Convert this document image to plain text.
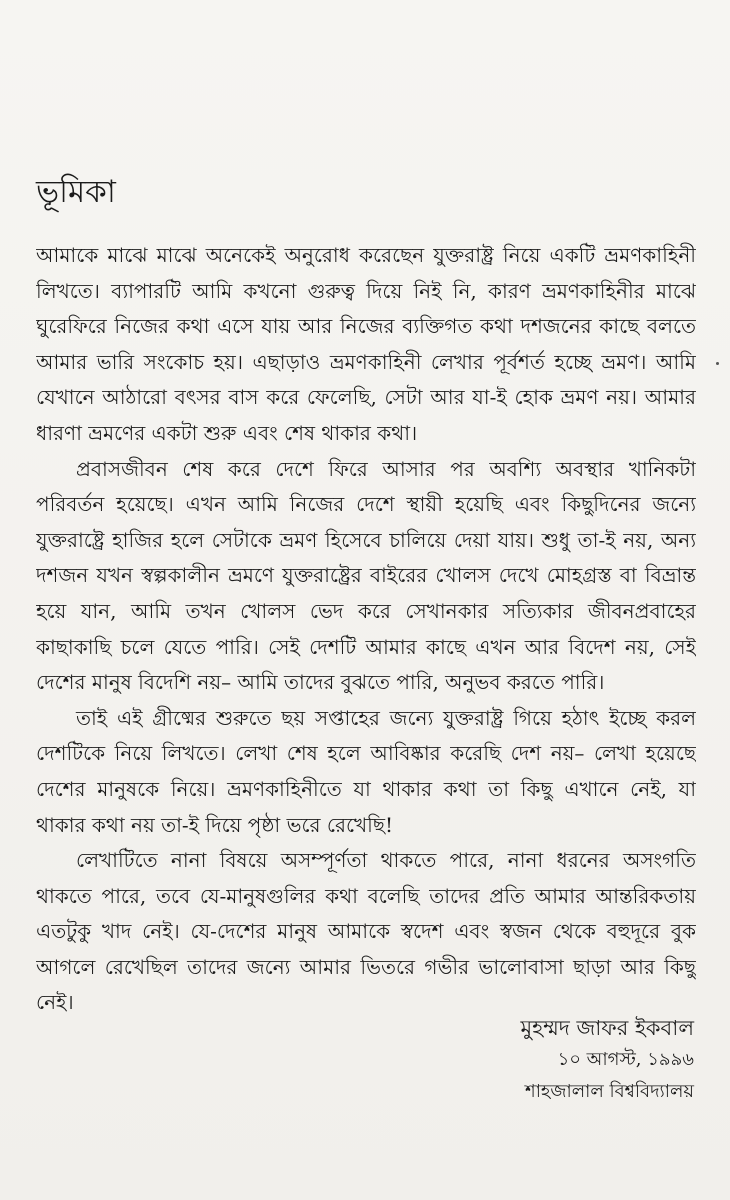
ভূমিকা
আমাকে মাঝে মাঝে অনেকেই অনুরোধ করেছেন যুক্তরাষ্ট্র নিয়ে একটি ভ্রমণকাহিনী
লিখতে। ব্যাপারটি আমি কখনো গুরুত্ব দিয়ে নিই নি, কারণ ভ্রমণকাহিনীর মাঝে
ঘুরেফিরে নিজের কথা এসে যায় আর নিজের ব্যক্তিগত কথা দশজনের কাছে বলতে
আমার ভারি সংকোচ হয়। এছাড়াও ভ্রমণকাহিনী লেখার পূর্বশর্ত হচ্ছে ভ্রমণ। আমি
যেখানে আঠারো বৎসর বাস করে ফেলেছি, সেটা আর যা-ই হোক ভ্রমণ নয়। আমার
ধারণা ভ্রমণের একটা শুরু এবং শেষ থাকার কথা।
প্রবাসজীবন শেষ করে দেশে ফিরে আসার পর অবশ্যি অবস্থার খানিকটা
পরিবর্তন হয়েছে। এখন আমি নিজের দেশে স্থায়ী হয়েছি এবং কিছুদিনের জন্যে
যুক্তরাষ্ট্রে হাজির হলে সেটাকে ভ্রমণ হিসেবে চালিয়ে দেয়া যায়। শুধু তা-ই নয়, অন্য
দশজন যখন স্বল্পকালীন ভ্রমণে যুক্তরাষ্ট্রের বাইরের খোলস দেখে মোহগ্রস্ত বা বিভ্রান্ত
হয়ে যান, আমি তখন খোলস ভেদ করে সেখানকার সত্যিকার জীবনপ্রবাহের
কাছাকাছি চলে যেতে পারি। সেই দেশটি আমার কাছে এখন আর বিদেশ নয়, সেই
দেশের মানুষ বিদেশি নয়– আমি তাদের বুঝতে পারি, অনুভব করতে পারি।
তাই এই গ্রীষ্মের শুরুতে ছয় সপ্তাহের জন্যে যুক্তরাষ্ট্র গিয়ে হঠাৎ ইচ্ছে করল
দেশটিকে নিয়ে লিখতে। লেখা শেষ হলে আবিষ্কার করেছি দেশ নয়– লেখা হয়েছে
দেশের মানুষকে নিয়ে। ভ্রমণকাহিনীতে যা থাকার কথা তা কিছু এখানে নেই, যা
থাকার কথা নয় তা-ই দিয়ে পৃষ্ঠা ভরে রেখেছি!
লেখাটিতে নানা বিষয়ে অসম্পূর্ণতা থাকতে পারে, নানা ধরনের অসংগতি
থাকতে পারে, তবে যে-মানুষগুলির কথা বলেছি তাদের প্রতি আমার আন্তরিকতায়
এতটুকু খাদ নেই। যে-দেশের মানুষ আমাকে স্বদেশ এবং স্বজন থেকে বহুদূরে বুক
আগলে রেখেছিল তাদের জন্যে আমার ভিতরে গভীর ভালোবাসা ছাড়া আর কিছু
নেই।
মুহম্মদ জাফর ইকবাল
১০ আগস্ট, ১৯৯৬
শাহজালাল বিশ্ববিদ্যালয়
